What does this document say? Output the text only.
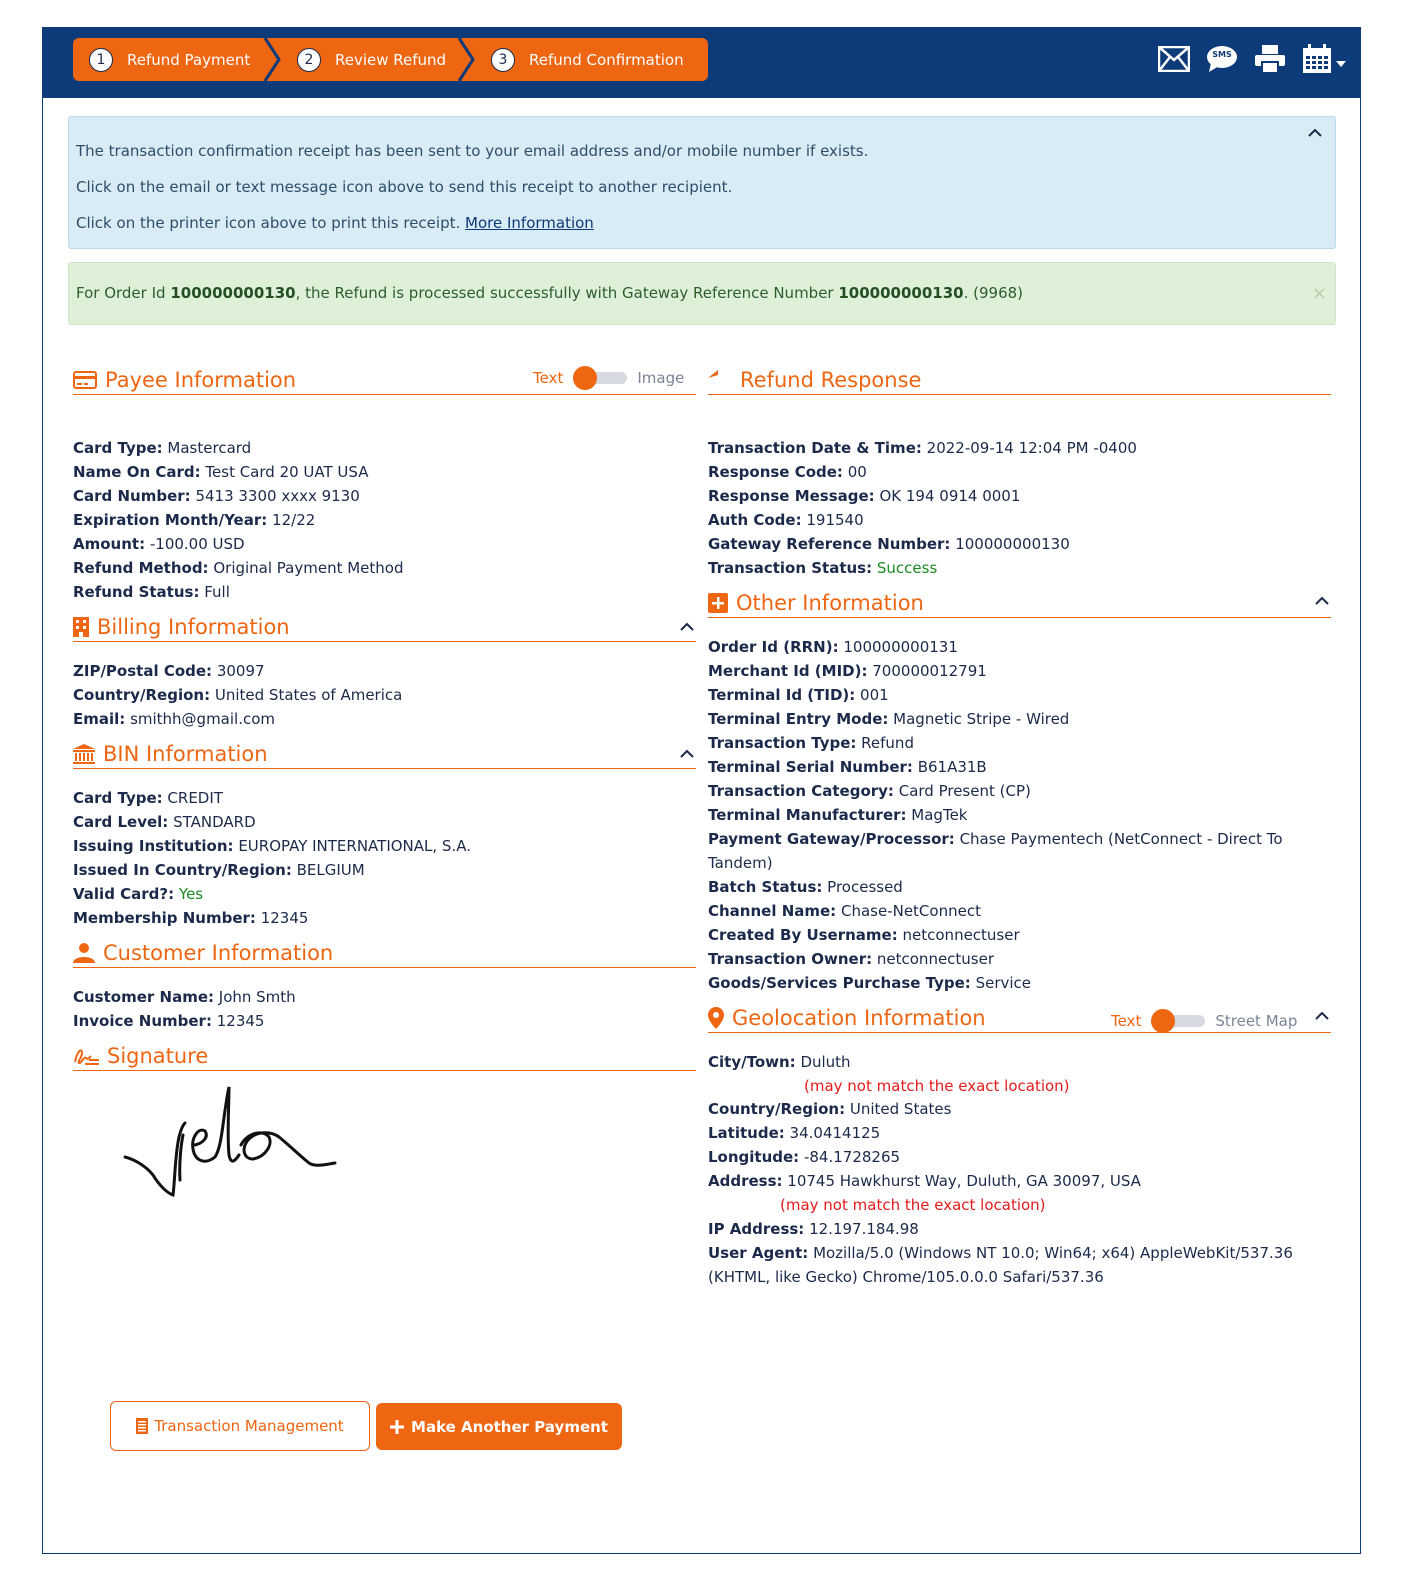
1	Refund Payment	2	Review Refund	3	Refund Confirmation	SMS

The transaction confirmation receipt has been sent to your email address and/or mobile number if exists.

Click on the email or text message icon above to send this receipt to another recipient.

Click on the printer icon above to print this receipt. More Information

For Order Id 100000000130, the Refund is processed successfully with Gateway Reference Number 100000000130. (9968)	×
Payee Information	Text	Image
Card Type: Mastercard
Name On Card: Test Card 20 UAT USA
Card Number: 5413 3300 xxxx 9130
Expiration Month/Year: 12/22
Amount: -100.00 USD
Refund Method: Original Payment Method
Refund Status: Full
Billing Information
ZIP/Postal Code: 30097
Country/Region: United States of America
Email: smithh@gmail.com
BIN Information
Card Type: CREDIT
Card Level: STANDARD
Issuing Institution: EUROPAY INTERNATIONAL, S.A.
Issued In Country/Region: BELGIUM
Valid Card?: Yes
Membership Number: 12345
Customer Information
Customer Name: John Smth
Invoice Number: 12345
Signature
Refund Response
Transaction Date & Time: 2022-09-14 12:04 PM -0400
Response Code: 00
Response Message: OK 194 0914 0001
Auth Code: 191540
Gateway Reference Number: 100000000130
Transaction Status: Success
Other Information
Order Id (RRN): 100000000131
Merchant Id (MID): 700000012791
Terminal Id (TID): 001
Terminal Entry Mode: Magnetic Stripe - Wired
Transaction Type: Refund
Terminal Serial Number: B61A31B
Transaction Category: Card Present (CP)
Terminal Manufacturer: MagTek
Payment Gateway/Processor: Chase Paymentech (NetConnect - Direct To
Tandem)
Batch Status: Processed
Channel Name: Chase-NetConnect
Created By Username: netconnectuser
Transaction Owner: netconnectuser
Goods/Services Purchase Type: Service
Geolocation Information	Text	Street Map
City/Town: Duluth
(may not match the exact location)
Country/Region: United States
Latitude: 34.0414125
Longitude: -84.1728265
Address: 10745 Hawkhurst Way, Duluth, GA 30097, USA
(may not match the exact location)
IP Address: 12.197.184.98
User Agent: Mozilla/5.0 (Windows NT 10.0; Win64; x64) AppleWebKit/537.36
(KHTML, like Gecko) Chrome/105.0.0.0 Safari/537.36
Transaction Management	Make Another Payment
